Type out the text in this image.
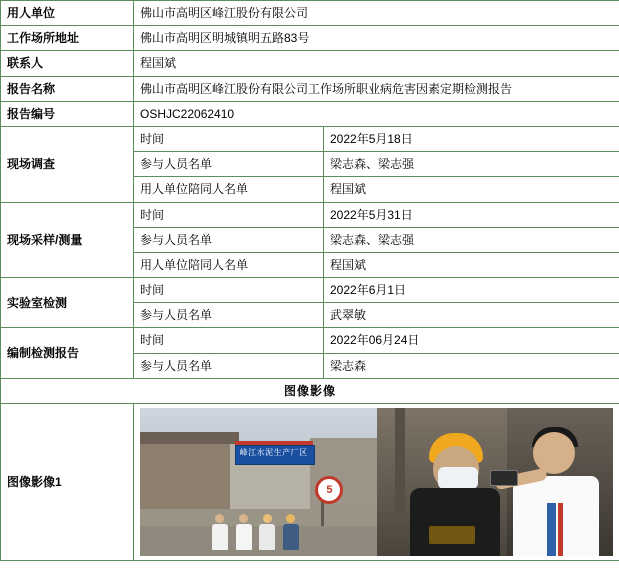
用人单位	佛山市高明区峰江股份有限公司	
工作场所地址	佛山市高明区明城镇明五路83号	
联系人	程国斌	
报告名称	佛山市高明区峰江股份有限公司工作场所职业病危害因素定期检测报告	
报告编号	OSHJC22062410	
现场调查	时间	2022年5月18日
	参与人员名单	梁志森、梁志强
	用人单位陪同人名单	程国斌
现场采样/测量	时间	2022年5月31日
	参与人员名单	梁志森、梁志强
	用人单位陪同人名单	程国斌
实验室检测	时间	2022年6月1日
	参与人员名单	武翠敏
编制检测报告	时间	2022年06月24日
	参与人员名单	梁志森
图像影像		
图像影像1	峰江水泥生产厂区
5	
